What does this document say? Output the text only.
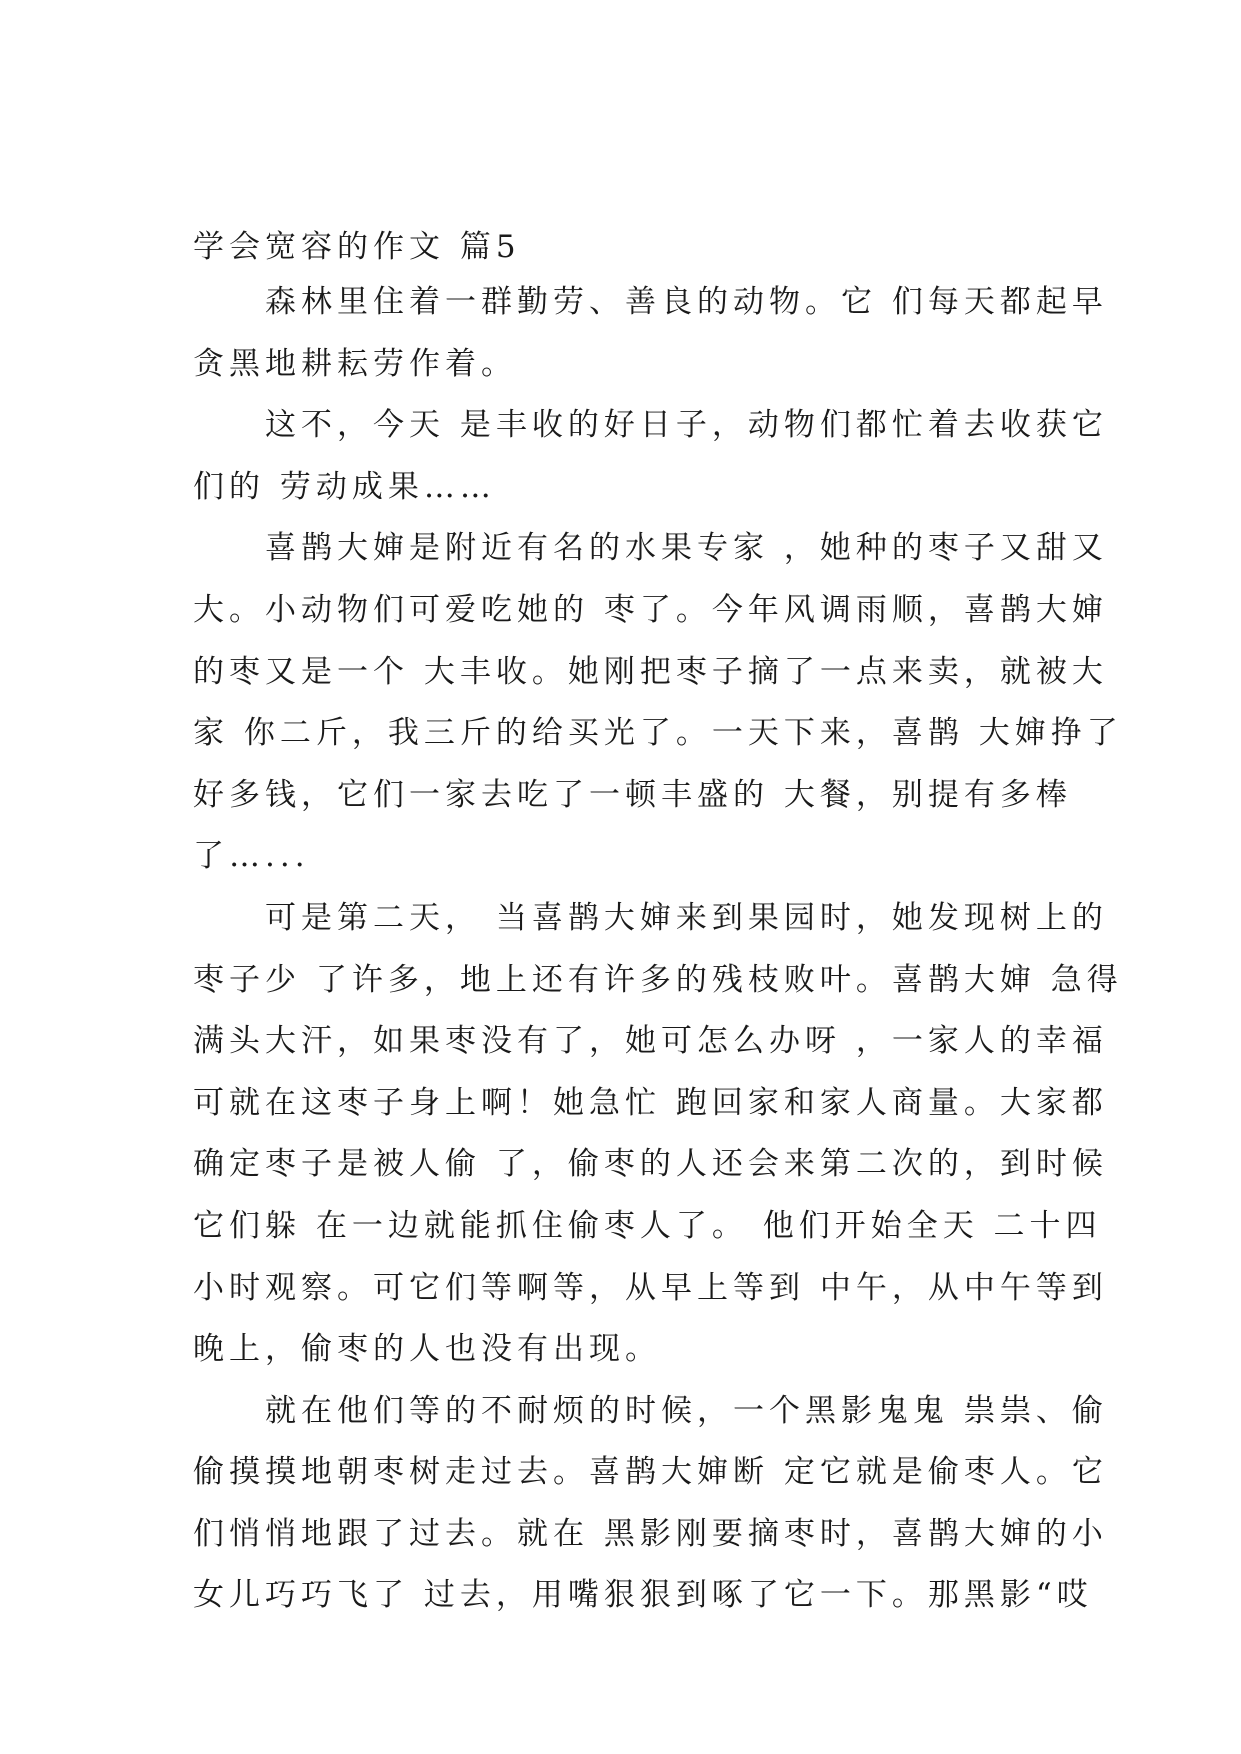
学会宽容的作文 篇5
　　森林里住着一群勤劳、善良的动物。它 们每天都起早
贪黑地耕耘劳作着。
　　这不，今天 是丰收的好日子，动物们都忙着去收获它
们的 劳动成果……
　　喜鹊大婶是附近有名的水果专家 ，她种的枣子又甜又
大。小动物们可爱吃她的 枣了。今年风调雨顺，喜鹊大婶
的枣又是一个 大丰收。她刚把枣子摘了一点来卖，就被大
家 你二斤，我三斤的给买光了。一天下来，喜鹊 大婶挣了
好多钱，它们一家去吃了一顿丰盛的 大餐，别提有多棒
了…...
　　可是第二天， 当喜鹊大婶来到果园时，她发现树上的
枣子少 了许多，地上还有许多的残枝败叶。喜鹊大婶 急得
满头大汗，如果枣没有了，她可怎么办呀 ，一家人的幸福
可就在这枣子身上啊！她急忙 跑回家和家人商量。大家都
确定枣子是被人偷 了，偷枣的人还会来第二次的，到时候
它们躲 在一边就能抓住偷枣人了。 他们开始全天 二十四
小时观察。可它们等啊等，从早上等到 中午，从中午等到
晚上，偷枣的人也没有出现。
　　就在他们等的不耐烦的时候，一个黑影鬼鬼 祟祟、偷
偷摸摸地朝枣树走过去。喜鹊大婶断 定它就是偷枣人。它
们悄悄地跟了过去。就在 黑影刚要摘枣时，喜鹊大婶的小
女儿巧巧飞了 过去，用嘴狠狠到啄了它一下。那黑影“哎
